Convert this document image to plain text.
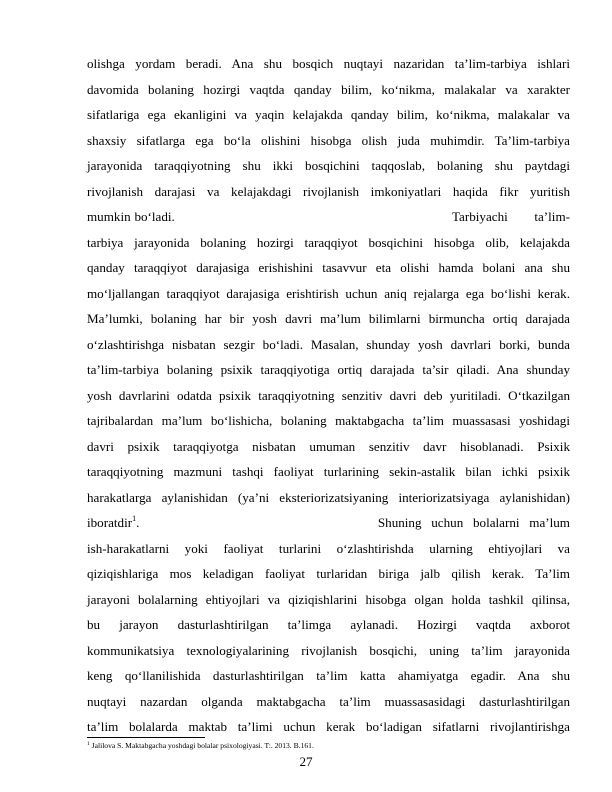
olishga  yordam  beradi.  Ana  shu  bosqich  nuqtayi  nazaridan  ta’lim-tarbiya  ishlari
davomida  bolaning  hozirgi  vaqtda  qanday  bilim,  ko‘nikma,  malakalar  va  xarakter
sifatlariga  ega  ekanligini  va  yaqin  kelajakda  qanday  bilim,  ko‘nikma,  malakalar  va
shaxsiy  sifatlarga  ega  bo‘la  olishini  hisobga  olish  juda  muhimdir.  Ta’lim-tarbiya
jarayonida  taraqqiyotning  shu  ikki  bosqichini  taqqoslab,  bolaning  shu  paytdagi
rivojlanish  darajasi  va  kelajakdagi  rivojlanish  imkoniyatlari  haqida  fikr  yuritish
mumkin bo‘ladi.                                                                         Tarbiyachi       ta’lim-
tarbiya  jarayonida  bolaning  hozirgi  taraqqiyot  bosqichini  hisobga  olib,  kelajakda
qanday  taraqqiyot  darajasiga  erishishini  tasavvur  eta  olishi  hamda  bolani  ana  shu
mo‘ljallangan taraqqiyot darajasiga erishtirish uchun aniq rejalarga ega bo‘lishi kerak.
Ma’lumki,  bolaning  har  bir  yosh  davri  ma’lum  bilimlarni  birmuncha  ortiq  darajada
o‘zlashtirishga  nisbatan  sezgir  bo‘ladi.  Masalan,  shunday  yosh  davrlari  borki,  bunda
ta’lim-tarbiya bolaning psixik taraqqiyotiga ortiq darajada ta’sir qiladi. Ana shunday
yosh davrlarini odatda psixik taraqqiyotning senzitiv davri deb yuritiladi. O‘tkazilgan
tajribalardan ma’lum bo‘lishicha, bolaning maktabgacha ta’lim muassasasi yoshidagi
davri  psixik  taraqqiyotga  nisbatan  umuman  senzitiv  davr  hisoblanadi.  Psixik
taraqqiyotning  mazmuni  tashqi  faoliyat  turlarining  sekin-astalik  bilan  ichki  psixik
harakatlarga aylanishidan (ya’ni eksteriorizatsiyaning interiorizatsiyaga aylanishidan)
iboratdir$^1$.                                                 Shuning  uchun  bolalarni  ma’lum
ish-harakatlarni   yoki   faoliyat   turlarini   o‘zlashtirishda   ularning   ehtiyojlari   va
qiziqishlariga  mos  keladigan  faoliyat  turlaridan  biriga  jalb  qilish  kerak.  Ta’lim
jarayoni bolalarning ehtiyojlari va qiziqishlarini hisobga olgan holda tashkil qilinsa,
bu   jarayon   dasturlashtirilgan   ta’limga   aylanadi.   Hozirgi   vaqtda   axborot
kommunikatsiya  texnologiyalarining  rivojlanish  bosqichi,  uning  ta’lim  jarayonida
keng  qo‘llanilishida  dasturlashtirilgan  ta’lim  katta  ahamiyatga  egadir.  Ana  shu
nuqtayi   nazardan   olganda   maktabgacha   ta’lim   muassasasidagi   dasturlashtirilgan
ta’lim  bolalarda  maktab  ta’limi  uchun  kerak  bo‘ladigan  sifatlarni  rivojlantirishga
$^1$ Jalilova S. Maktabgacha yoshdagi bolalar psixologiyasi. T:. 2013. B.161.
27
